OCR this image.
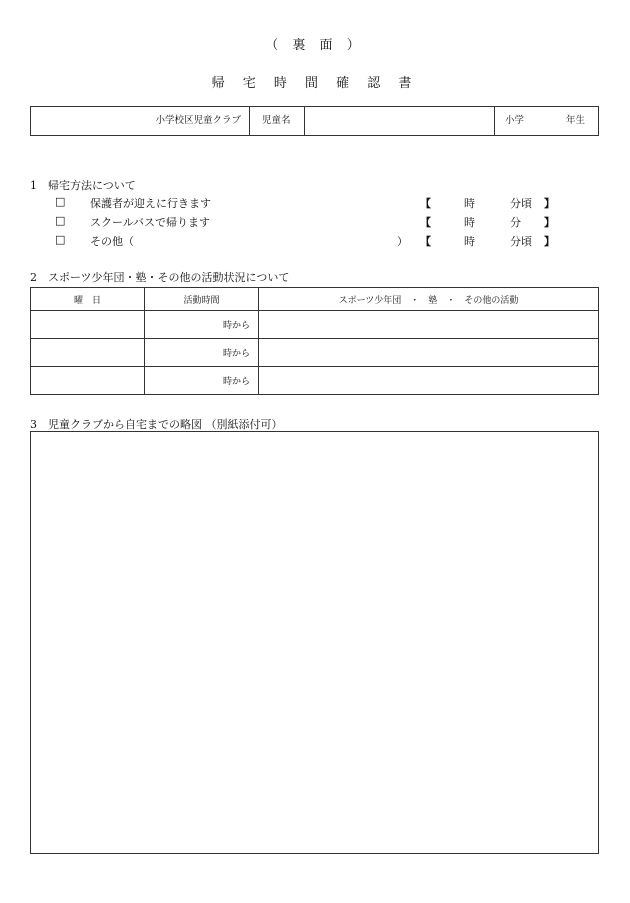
（ 裏 面 ）
帰 宅 時 間 確 認 書
小学校区児童クラブ 児童名	小学	年生
1　帰宅方法について
□ 保護者が迎えに行きます	【	時	分頃 】
□ スクールバスで帰ります	【	時	分 】
□ その他（	） 【	時	分頃 】
2　スポーツ少年団・塾・その他の活動状況について
曜　日	活動時間	スポーツ少年団　・　塾　・　その他の活動
	時から	
	時から	
	時から	
3　児童クラブから自宅までの略図 （別紙添付可）
